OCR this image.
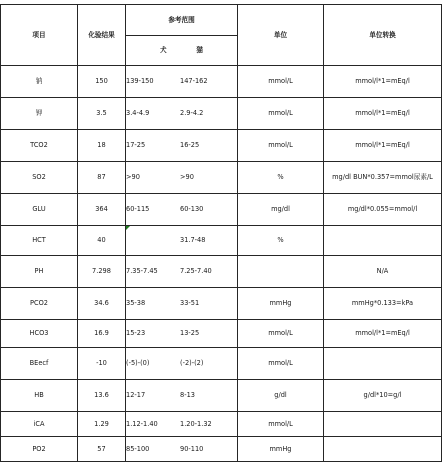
项目	化验结果	参考范围	单位	单位转换
		犬 猫		
钠	150	139-150 147-162	mmol/L	mmol/l*1=mEq/l
钾	3.5	3.4-4.9 2.9-4.2	mmol/L	mmol/l*1=mEq/l
TCO2	18	17-25 16-25	mmol/L	mmol/l*1=mEq/l
SO2	87	>90 >90	%	mg/dl BUN*0.357=mmol尿素/L
GLU	364	60-115 60-130	mg/dl	mg/dl*0.055=mmol/l
HCT	40	31.7-48	%	
PH	7.298	7.35-7.45 7.25-7.40		N/A
PCO2	34.6	35-38 33-51	mmHg	mmHg*0.133=kPa
HCO3	16.9	15-23 13-25	mmol/L	mmol/l*1=mEq/l
BEecf	-10	(-5)-(0) (-2)-(2)	mmol/L	
HB	13.6	12-17 8-13	g/dl	g/dl*10=g/l
iCA	1.29	1.12-1.40 1.20-1.32	mmol/L	
PO2	57	85-100 90-110	mmHg	
